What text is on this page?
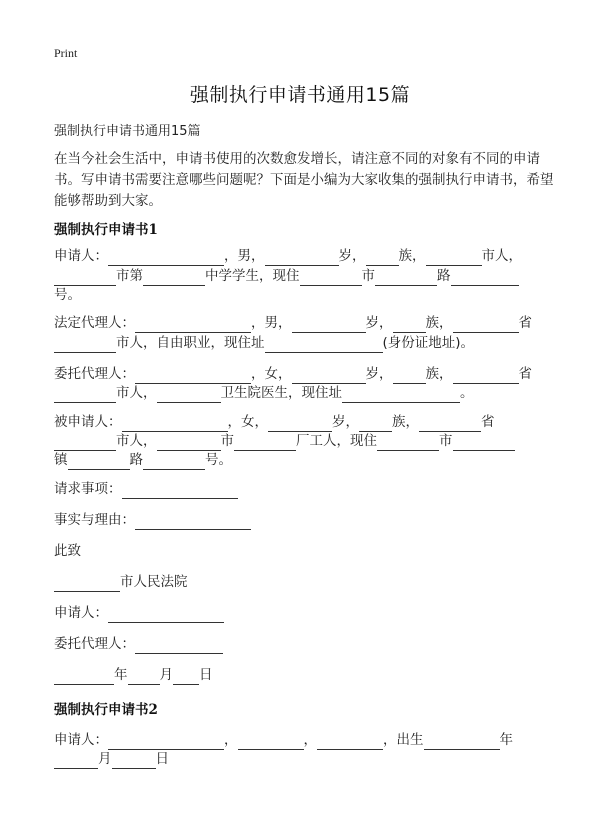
Print
强制执行申请书通用15篇
强制执行申请书通用15篇
在当今社会生活中，申请书使用的次数愈发增长，请注意不同的对象有不同的申请书。写申请书需要注意哪些问题呢？下面是小编为大家收集的强制执行申请书，希望能够帮助到大家。
强制执行申请书1
申请人：	，男，	岁， 族，	市人，
市第	中学学生，现住	市	路
号。
法定代理人：	，男，	岁， 族，	省
市人，自由职业，现住址	(身份证地址)。
委托代理人：	，女，	岁， 族，	省
市人，	卫生院医生，现住址	。
被申请人：	，女，	岁， 族，	省
市人，	市	厂工人，现住	市
镇	路	号。
请求事项：
事实与理由：
此致
市人民法院
申请人：
委托代理人：
年 月 日
强制执行申请书2
申请人：	，	，	，出生	年
月	日
